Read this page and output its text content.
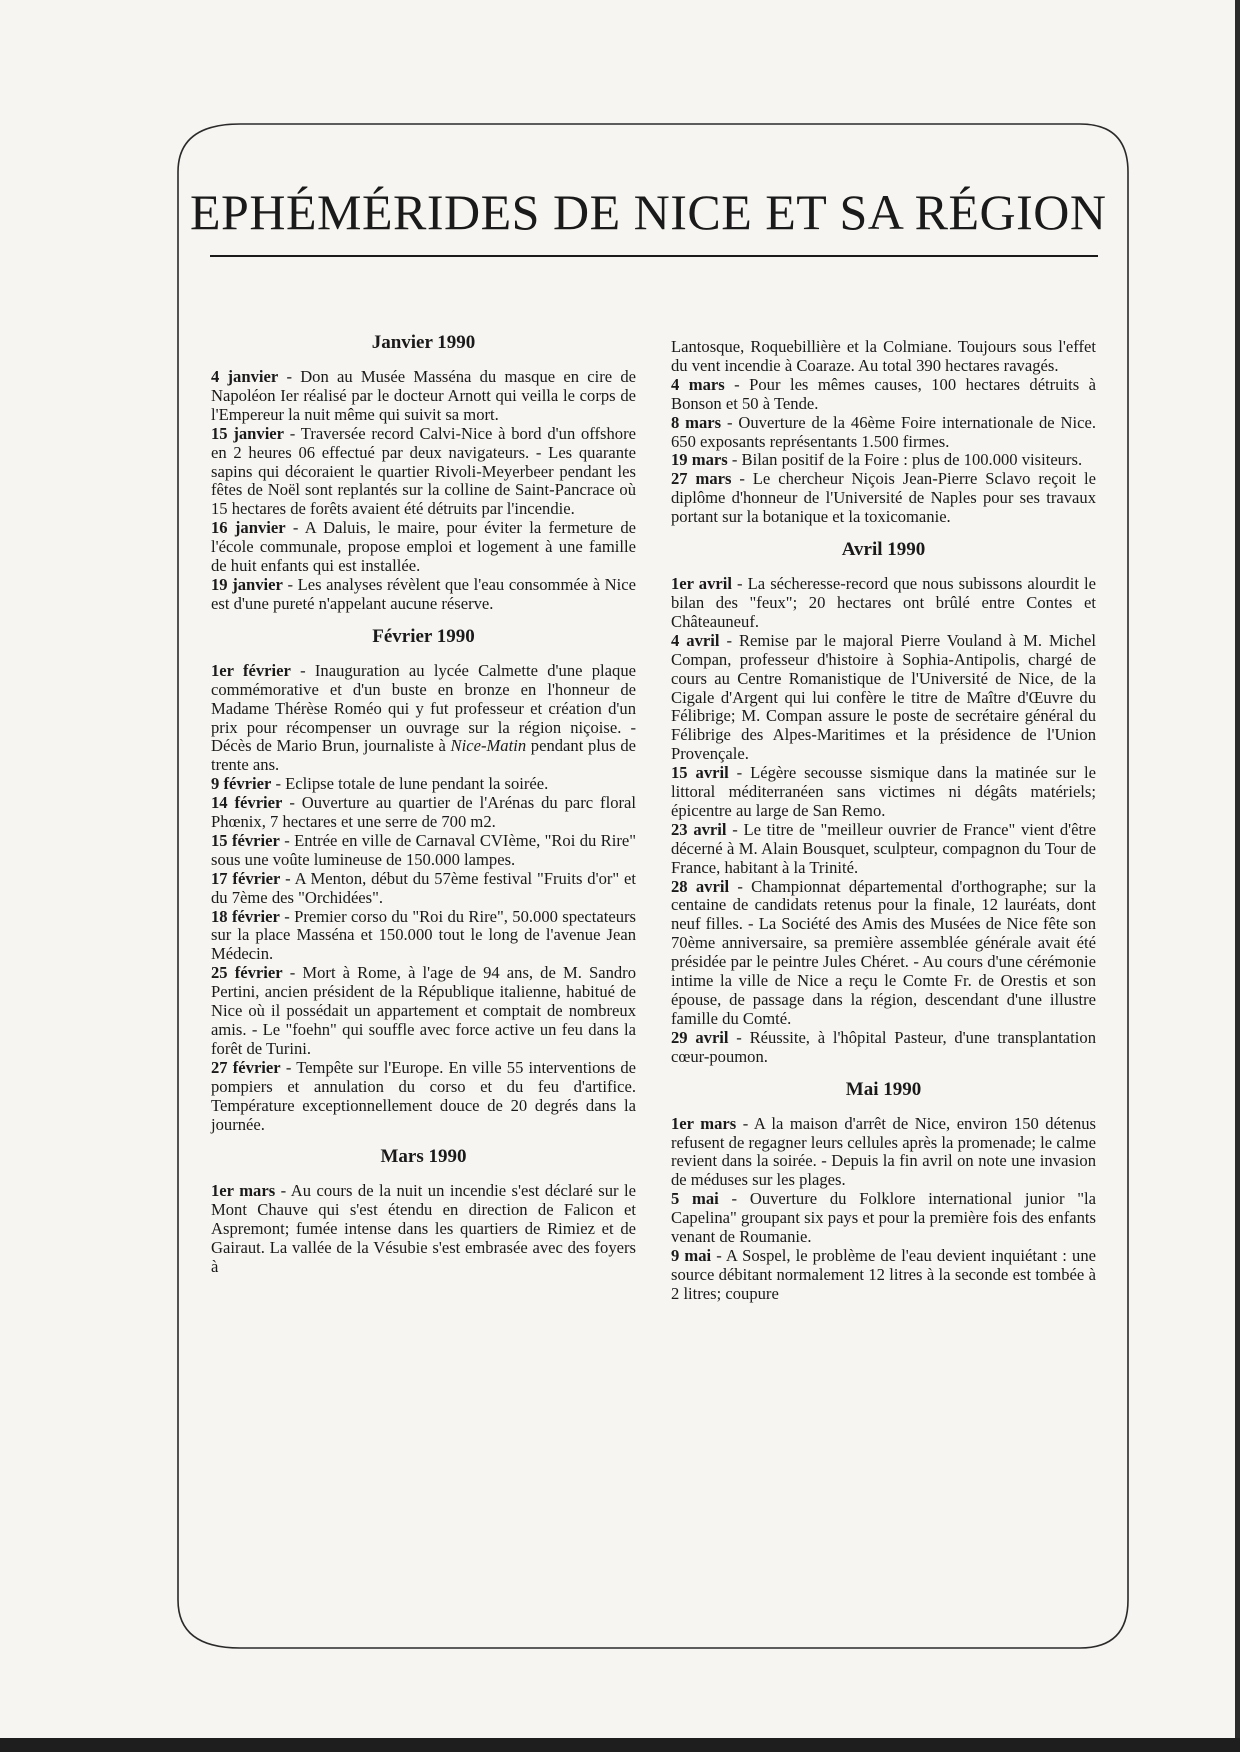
EPHÉMÉRIDES DE NICE ET SA RÉGION
Janvier 1990

4 janvier - Don au Musée Masséna du masque en cire de Napoléon Ier réalisé par le docteur Arnott qui veilla le corps de l'Empereur la nuit même qui suivit sa mort.

15 janvier - Traversée record Calvi-Nice à bord d'un offshore en 2 heures 06 effectué par deux navigateurs. - Les quarante sapins qui décoraient le quartier Rivoli-Meyerbeer pendant les fêtes de Noël sont replantés sur la colline de Saint-Pancrace où 15 hectares de forêts avaient été détruits par l'incendie.

16 janvier - A Daluis, le maire, pour éviter la fermeture de l'école communale, propose emploi et logement à une famille de huit enfants qui est installée.

19 janvier - Les analyses révèlent que l'eau consommée à Nice est d'une pureté n'appelant aucune réserve.

Février 1990

1er février - Inauguration au lycée Calmette d'une plaque commémorative et d'un buste en bronze en l'honneur de Madame Thérèse Roméo qui y fut professeur et création d'un prix pour récompenser un ouvrage sur la région niçoise. - Décès de Mario Brun, journaliste à Nice-Matin pendant plus de trente ans.

9 février - Eclipse totale de lune pendant la soirée.

14 février - Ouverture au quartier de l'Arénas du parc floral Phœnix, 7 hectares et une serre de 700 m2.

15 février - Entrée en ville de Carnaval CVIème, "Roi du Rire" sous une voûte lumineuse de 150.000 lampes.

17 février - A Menton, début du 57ème festival "Fruits d'or" et du 7ème des "Orchidées".

18 février - Premier corso du "Roi du Rire", 50.000 spectateurs sur la place Masséna et 150.000 tout le long de l'avenue Jean Médecin.

25 février - Mort à Rome, à l'age de 94 ans, de M. Sandro Pertini, ancien président de la République italienne, habitué de Nice où il possédait un appartement et comptait de nombreux amis. - Le "foehn" qui souffle avec force active un feu dans la forêt de Turini.

27 février - Tempête sur l'Europe. En ville 55 interventions de pompiers et annulation du corso et du feu d'artifice. Température exceptionnellement douce de 20 degrés dans la journée.

Mars 1990

1er mars - Au cours de la nuit un incendie s'est déclaré sur le Mont Chauve qui s'est étendu en direction de Falicon et Aspremont; fumée intense dans les quartiers de Rimiez et de Gairaut. La vallée de la Vésubie s'est embrasée avec des foyers à

Lantosque, Roquebillière et la Colmiane. Toujours sous l'effet du vent incendie à Coaraze. Au total 390 hectares ravagés.

4 mars - Pour les mêmes causes, 100 hectares détruits à Bonson et 50 à Tende.

8 mars - Ouverture de la 46ème Foire internationale de Nice. 650 exposants représentants 1.500 firmes.

19 mars - Bilan positif de la Foire : plus de 100.000 visiteurs.

27 mars - Le chercheur Niçois Jean-Pierre Sclavo reçoit le diplôme d'honneur de l'Université de Naples pour ses travaux portant sur la botanique et la toxicomanie.

Avril 1990

1er avril - La sécheresse-record que nous subissons alourdit le bilan des "feux"; 20 hectares ont brûlé entre Contes et Châteauneuf.

4 avril - Remise par le majoral Pierre Vouland à M. Michel Compan, professeur d'histoire à Sophia-Antipolis, chargé de cours au Centre Romanistique de l'Université de Nice, de la Cigale d'Argent qui lui confère le titre de Maître d'Œuvre du Félibrige; M. Compan assure le poste de secrétaire général du Félibrige des Alpes-Maritimes et la présidence de l'Union Provençale.

15 avril - Légère secousse sismique dans la matinée sur le littoral méditerranéen sans victimes ni dégâts matériels; épicentre au large de San Remo.

23 avril - Le titre de "meilleur ouvrier de France" vient d'être décerné à M. Alain Bousquet, sculpteur, compagnon du Tour de France, habitant à la Trinité.

28 avril - Championnat départemental d'orthographe; sur la centaine de candidats retenus pour la finale, 12 lauréats, dont neuf filles. - La Société des Amis des Musées de Nice fête son 70ème anniversaire, sa première assemblée générale avait été présidée par le peintre Jules Chéret. - Au cours d'une cérémonie intime la ville de Nice a reçu le Comte Fr. de Orestis et son épouse, de passage dans la région, descendant d'une illustre famille du Comté.

29 avril - Réussite, à l'hôpital Pasteur, d'une transplantation cœur-poumon.

Mai 1990

1er mars - A la maison d'arrêt de Nice, environ 150 détenus refusent de regagner leurs cellules après la promenade; le calme revient dans la soirée. - Depuis la fin avril on note une invasion de méduses sur les plages.

5 mai - Ouverture du Folklore international junior "la Capelina" groupant six pays et pour la première fois des enfants venant de Roumanie.

9 mai - A Sospel, le problème de l'eau devient inquiétant : une source débitant normalement 12 litres à la seconde est tombée à 2 litres; coupure
